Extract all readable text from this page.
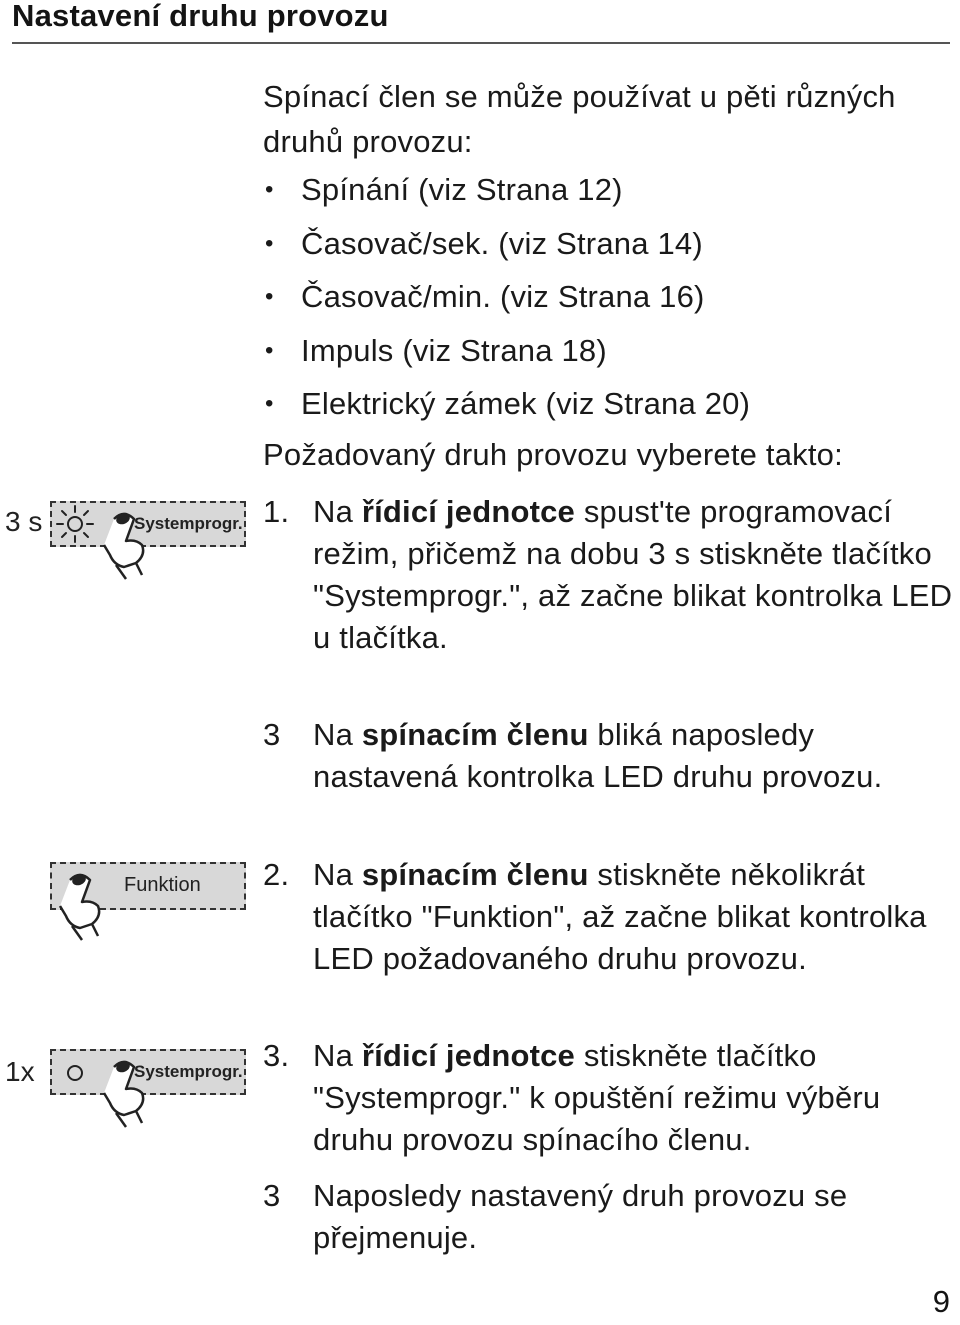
Nastavení druhu provozu
Spínací člen se může používat u pěti různých druhů provozu:
• Spínání (viz Strana 12)
• Časovač/sek. (viz Strana 14)
• Časovač/min. (viz Strana 16)
• Impuls (viz Strana 18)
• Elektrický zámek (viz Strana 20)
Požadovaný druh provozu vyberete takto:
1. Na řídicí jednotce spust'te programovací režim, přičemž na dobu 3 s stiskněte tlačítko "Systemprogr.", až začne blikat kontrolka LED u tlačítka.
3	Na spínacím členu bliká naposledy nastavená kontrolka LED druhu provozu.
2. Na spínacím členu stiskněte několikrát tlačítko "Funktion", až začne blikat kontrolka LED požadovaného druhu provozu.
3. Na řídicí jednotce stiskněte tlačítko "Systemprogr." k opuštění režimu výběru druhu provozu spínacího členu.
3	Naposledy nastavený druh provozu se přejmenuje.
3 s	Systemprogr.
Funktion
1x	Systemprogr.
9
